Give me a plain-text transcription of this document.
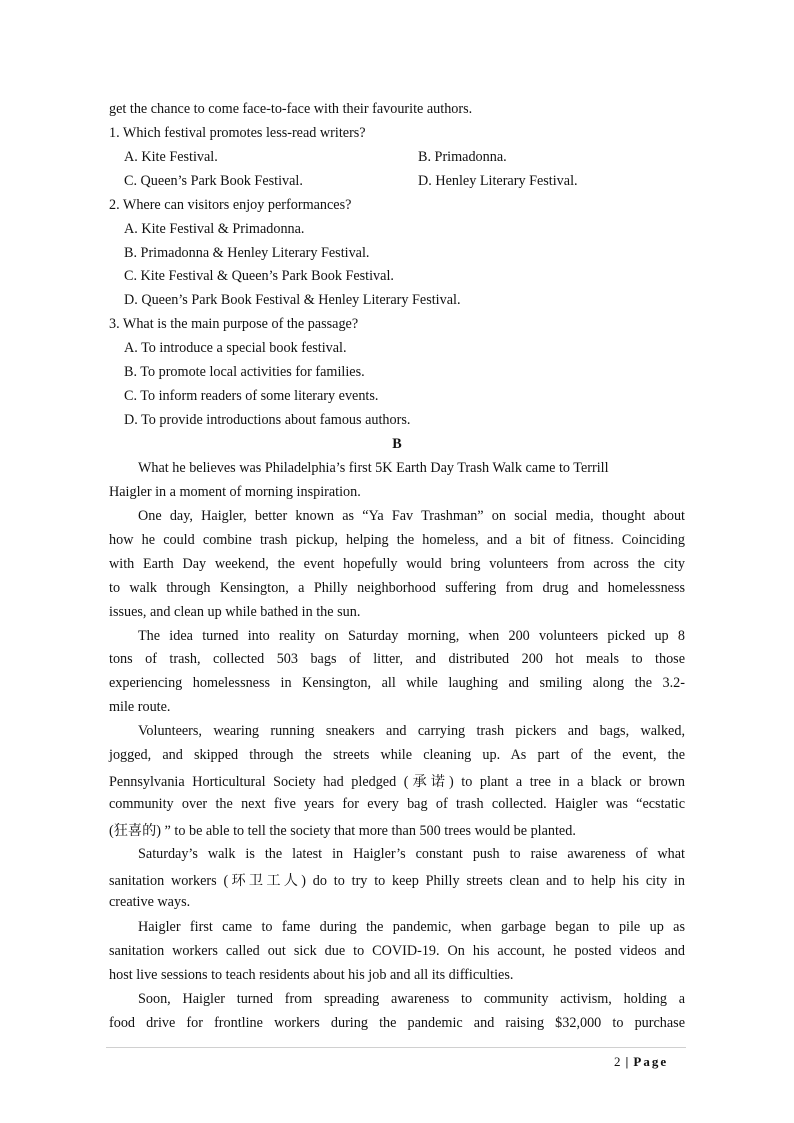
get the chance to come face-to-face with their favourite authors.
1. Which festival promotes less-read writers?
A. Kite Festival.	B. Primadonna.
C. Queen’s Park Book Festival.	D. Henley Literary Festival.
2. Where can visitors enjoy performances?
A. Kite Festival & Primadonna.
B. Primadonna & Henley Literary Festival.
C. Kite Festival & Queen’s Park Book Festival.
D. Queen’s Park Book Festival & Henley Literary Festival.
3. What is the main purpose of the passage?
A. To introduce a special book festival.
B. To promote local activities for families.
C. To inform readers of some literary events.
D. To provide introductions about famous authors.
B
What he believes was Philadelphia’s first 5K Earth Day Trash Walk came to Terrill
Haigler in a moment of morning inspiration.
One day, Haigler, better known as “Ya Fav Trashman” on social media, thought about
how he could combine trash pickup, helping the homeless, and a bit of fitness. Coinciding
with Earth Day weekend, the event hopefully would bring volunteers from across the city
to walk through Kensington, a Philly neighborhood suffering from drug and homelessness
issues, and clean up while bathed in the sun.
The idea turned into reality on Saturday morning, when 200 volunteers picked up 8
tons of trash, collected 503 bags of litter, and distributed 200 hot meals to those
experiencing homelessness in Kensington, all while laughing and smiling along the 3.2-
mile route.
Volunteers, wearing running sneakers and carrying trash pickers and bags, walked,
jogged, and skipped through the streets while cleaning up. As part of the event, the
Pennsylvania Horticultural Society had pledged (承诺) to plant a tree in a black or brown
community over the next five years for every bag of trash collected. Haigler was “ecstatic
(狂喜的) ” to be able to tell the society that more than 500 trees would be planted.
Saturday’s walk is the latest in Haigler’s constant push to raise awareness of what
sanitation workers (环卫工人) do to try to keep Philly streets clean and to help his city in
creative ways.
Haigler first came to fame during the pandemic, when garbage began to pile up as
sanitation workers called out sick due to COVID-19. On his account, he posted videos and
host live sessions to teach residents about his job and all its difficulties.
Soon, Haigler turned from spreading awareness to community activism, holding a
food drive for frontline workers during the pandemic and raising $32,000 to purchase
2 | Page
